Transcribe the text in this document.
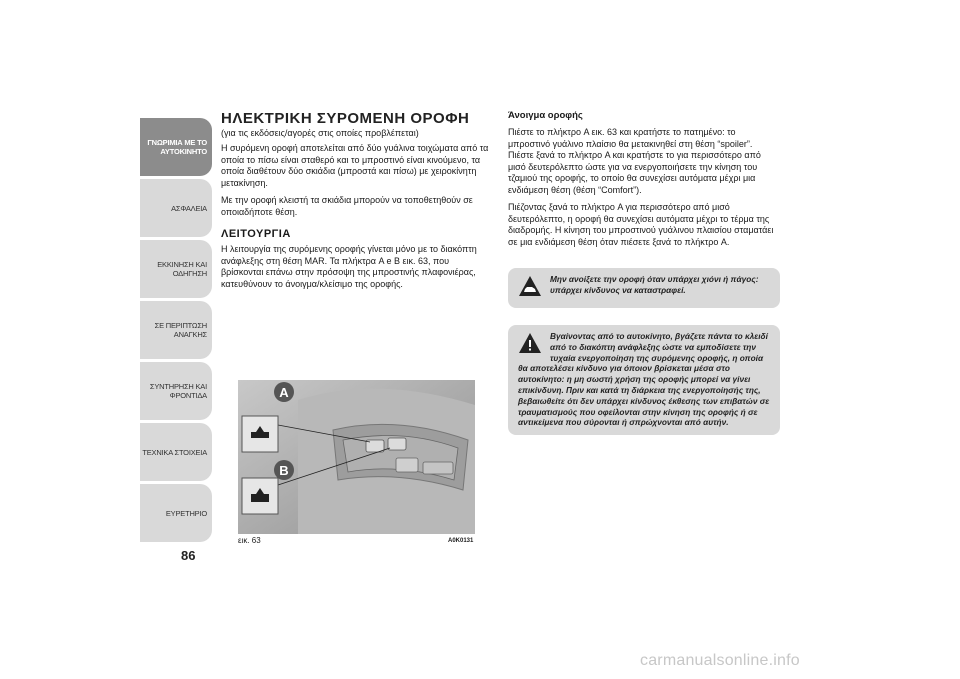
ΓΝΩΡΙΜΙΑ ΜΕ ΤΟ
ΑΥΤΟΚΙΝΗΤΟ
ΑΣΦΑΛΕΙΑ
ΕΚΚΙΝΗΣΗ ΚΑΙ
ΟΔΗΓΗΣΗ
ΣΕ ΠΕΡΙΠΤΩΣΗ
ΑΝΑΓΚΗΣ
ΣΥΝΤΗΡΗΣΗ ΚΑΙ
ΦΡΟΝΤΙΔΑ
ΤΕΧΝΙΚΑ ΣΤΟΙΧΕΙΑ
ΕΥΡΕΤΗΡΙΟ
86
ΗΛΕΚΤΡΙΚΗ ΣΥΡΟΜΕΝΗ ΟΡΟΦΗ
(για τις εκδόσεις/αγορές στις οποίες προβλέπεται)

Η συρόμενη οροφή αποτελείται από δύο γυάλινα τοιχώματα από τα οποία το πίσω είναι σταθερό και το μπροστινό είναι κινούμενο, τα οποία διαθέτουν δύο σκιάδια (μπροστά και πίσω) με χειροκίνητη μετακίνηση.

Με την οροφή κλειστή τα σκιάδια μπορούν να τοποθετηθούν σε οποιαδήποτε θέση.

ΛΕΙΤΟΥΡΓΙΑ

Η λειτουργία της συρόμενης οροφής γίνεται μόνο με το διακόπτη ανάφλεξης στη θέση MAR. Τα πλήκτρα A e B εικ. 63, που βρίσκονται επάνω στην πρόσοψη της μπροστινής πλαφονιέρας, κατευθύνουν το άνοιγμα/κλείσιμο της οροφής.

A
B
εικ. 63	A0K0131
Άνοιγμα οροφής

Πιέστε το πλήκτρο A εικ. 63 και κρατήστε το πατημένο: το μπροστινό γυάλινο πλαίσιο θα μετακινηθεί στη θέση “spoiler”. Πιέστε ξανά το πλήκτρο A και κρατήστε το για περισσότερο από μισό δευτερόλεπτο ώστε για να ενεργοποιήσετε την κίνηση του τζαμιού της οροφής, το οποίο θα συνεχίσει αυτόματα μέχρι μια ενδιάμεση θέση (θέση “Comfort”).

Πιέζοντας ξανά το πλήκτρο A για περισσότερο από μισό δευτερόλεπτο, η οροφή θα συνεχίσει αυτόματα μέχρι το τέρμα της διαδρομής. Η κίνηση του μπροστινού γυάλινου πλαισίου σταματάει σε μια ενδιάμεση θέση όταν πιέσετε ξανά το πλήκτρο A.

Μην ανοίξετε την οροφή όταν υπάρχει χιόνι ή πάγος: υπάρχει κίνδυνος να καταστραφεί.
Βγαίνοντας από το αυτοκίνητο, βγάζετε πάντα το κλειδί από το διακόπτη ανάφλεξης ώστε να εμποδίσετε την τυχαία ενεργοποίηση της συρόμενης οροφής, η οποία θα αποτελέσει κίνδυνο για όποιον βρίσκεται μέσα στο αυτοκίνητο: η μη σωστή χρήση της οροφής μπορεί να γίνει επικίνδυνη. Πριν και κατά τη διάρκεια της ενεργοποίησής της, βεβαιωθείτε ότι δεν υπάρχει κίνδυνος έκθεσης των επιβατών σε τραυματισμούς που οφείλονται στην κίνηση της οροφής ή σε αντικείμενα που σύρονται ή σπρώχνονται από αυτήν.
carmanualsonline.info
